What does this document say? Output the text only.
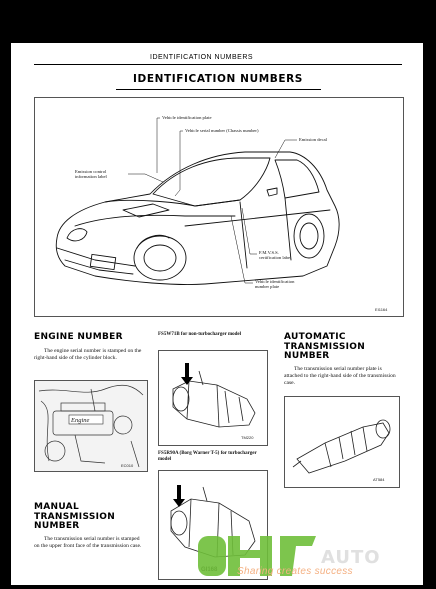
IDENTIFICATION NUMBERS
IDENTIFICATION NUMBERS
Vehicle identification plate
Vehicle serial number (Chassis number)
Emission decal
Emission control
information label
F.M.V.S.S.
certification label
Vehicle identification
number plate
EI1164
ENGINE NUMBER
The engine serial number is stamped on the right-hand side of the cylinder block.
Engine
EC010
MANUAL
TRANSMISSION
NUMBER
The transmission serial number is stamped on the upper front face of the transmission case.
FS5W71B for non-turbocharger model
TM220
FS5R90A (Borg Warner T-5) for turbocharger model
AUTOMATIC
TRANSMISSION
NUMBER
The transmission serial number plate is attached to the right-hand side of the transmission case.
AT584
AUTO
Sharing creates success
